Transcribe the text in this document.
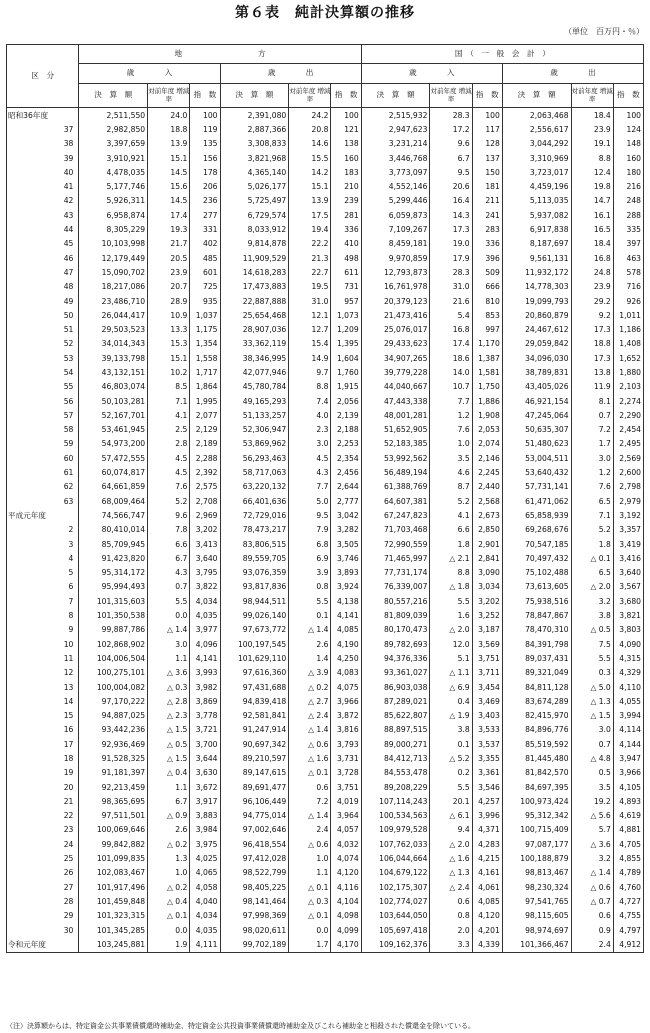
第６表　純計決算額の推移
（単位　百万円・％）
区　分	地　　　　　　　　　　方						国　（　一　般　会　計　）					
	歳　　　　入			歳　　　　出			歳　　　　入			歳　　　　出		
	決　算　額	対前年度 増減率	指　数	決　算　額	対前年度 増減率	指　数	決　算　額	対前年度 増減率	指　数	決　算　額	対前年度 増減率	指　数
昭和36年度	2,511,550	24.0	100	2,391,080	24.2	100	2,515,932	28.3	100	2,063,468	18.4	100
37	2,982,850	18.8	119	2,887,366	20.8	121	2,947,623	17.2	117	2,556,617	23.9	124
38	3,397,659	13.9	135	3,308,833	14.6	138	3,231,214	9.6	128	3,044,292	19.1	148
39	3,910,921	15.1	156	3,821,968	15.5	160	3,446,768	6.7	137	3,310,969	8.8	160
40	4,478,035	14.5	178	4,365,140	14.2	183	3,773,097	9.5	150	3,723,017	12.4	180
41	5,177,746	15.6	206	5,026,177	15.1	210	4,552,146	20.6	181	4,459,196	19.8	216
42	5,926,311	14.5	236	5,725,497	13.9	239	5,299,446	16.4	211	5,113,035	14.7	248
43	6,958,874	17.4	277	6,729,574	17.5	281	6,059,873	14.3	241	5,937,082	16.1	288
44	8,305,229	19.3	331	8,033,912	19.4	336	7,109,267	17.3	283	6,917,838	16.5	335
45	10,103,998	21.7	402	9,814,878	22.2	410	8,459,181	19.0	336	8,187,697	18.4	397
46	12,179,449	20.5	485	11,909,529	21.3	498	9,970,859	17.9	396	9,561,131	16.8	463
47	15,090,702	23.9	601	14,618,283	22.7	611	12,793,873	28.3	509	11,932,172	24.8	578
48	18,217,086	20.7	725	17,473,883	19.5	731	16,761,978	31.0	666	14,778,303	23.9	716
49	23,486,710	28.9	935	22,887,888	31.0	957	20,379,123	21.6	810	19,099,793	29.2	926
50	26,044,417	10.9	1,037	25,654,468	12.1	1,073	21,473,416	5.4	853	20,860,879	9.2	1,011
51	29,503,523	13.3	1,175	28,907,036	12.7	1,209	25,076,017	16.8	997	24,467,612	17.3	1,186
52	34,014,343	15.3	1,354	33,362,119	15.4	1,395	29,433,623	17.4	1,170	29,059,842	18.8	1,408
53	39,133,798	15.1	1,558	38,346,995	14.9	1,604	34,907,265	18.6	1,387	34,096,030	17.3	1,652
54	43,132,151	10.2	1,717	42,077,946	9.7	1,760	39,779,228	14.0	1,581	38,789,831	13.8	1,880
55	46,803,074	8.5	1,864	45,780,784	8.8	1,915	44,040,667	10.7	1,750	43,405,026	11.9	2,103
56	50,103,281	7.1	1,995	49,165,293	7.4	2,056	47,443,338	7.7	1,886	46,921,154	8.1	2,274
57	52,167,701	4.1	2,077	51,133,257	4.0	2,139	48,001,281	1.2	1,908	47,245,064	0.7	2,290
58	53,461,945	2.5	2,129	52,306,947	2.3	2,188	51,652,905	7.6	2,053	50,635,307	7.2	2,454
59	54,973,200	2.8	2,189	53,869,962	3.0	2,253	52,183,385	1.0	2,074	51,480,623	1.7	2,495
60	57,472,555	4.5	2,288	56,293,463	4.5	2,354	53,992,562	3.5	2,146	53,004,511	3.0	2,569
61	60,074,817	4.5	2,392	58,717,063	4.3	2,456	56,489,194	4.6	2,245	53,640,432	1.2	2,600
62	64,661,859	7.6	2,575	63,220,132	7.7	2,644	61,388,769	8.7	2,440	57,731,141	7.6	2,798
63	68,009,464	5.2	2,708	66,401,636	5.0	2,777	64,607,381	5.2	2,568	61,471,062	6.5	2,979
平成元年度	74,566,747	9.6	2,969	72,729,016	9.5	3,042	67,247,823	4.1	2,673	65,858,939	7.1	3,192
2	80,410,014	7.8	3,202	78,473,217	7.9	3,282	71,703,468	6.6	2,850	69,268,676	5.2	3,357
3	85,709,945	6.6	3,413	83,806,515	6.8	3,505	72,990,559	1.8	2,901	70,547,185	1.8	3,419
4	91,423,820	6.7	3,640	89,559,705	6.9	3,746	71,465,997	△ 2.1	2,841	70,497,432	△ 0.1	3,416
5	95,314,172	4.3	3,795	93,076,359	3.9	3,893	77,731,174	8.8	3,090	75,102,488	6.5	3,640
6	95,994,493	0.7	3,822	93,817,836	0.8	3,924	76,339,007	△ 1.8	3,034	73,613,605	△ 2.0	3,567
7	101,315,603	5.5	4,034	98,944,511	5.5	4,138	80,557,216	5.5	3,202	75,938,516	3.2	3,680
8	101,350,538	0.0	4,035	99,026,140	0.1	4,141	81,809,039	1.6	3,252	78,847,867	3.8	3,821
9	99,887,786	△ 1.4	3,977	97,673,772	△ 1.4	4,085	80,170,473	△ 2.0	3,187	78,470,310	△ 0.5	3,803
10	102,868,902	3.0	4,096	100,197,545	2.6	4,190	89,782,693	12.0	3,569	84,391,798	7.5	4,090
11	104,006,504	1.1	4,141	101,629,110	1.4	4,250	94,376,336	5.1	3,751	89,037,431	5.5	4,315
12	100,275,101	△ 3.6	3,993	97,616,360	△ 3.9	4,083	93,361,027	△ 1.1	3,711	89,321,049	0.3	4,329
13	100,004,082	△ 0.3	3,982	97,431,688	△ 0.2	4,075	86,903,038	△ 6.9	3,454	84,811,128	△ 5.0	4,110
14	97,170,222	△ 2.8	3,869	94,839,418	△ 2.7	3,966	87,289,021	0.4	3,469	83,674,289	△ 1.3	4,055
15	94,887,025	△ 2.3	3,778	92,581,841	△ 2.4	3,872	85,622,807	△ 1.9	3,403	82,415,970	△ 1.5	3,994
16	93,442,236	△ 1.5	3,721	91,247,914	△ 1.4	3,816	88,897,515	3.8	3,533	84,896,776	3.0	4,114
17	92,936,469	△ 0.5	3,700	90,697,342	△ 0.6	3,793	89,000,271	0.1	3,537	85,519,592	0.7	4,144
18	91,528,325	△ 1.5	3,644	89,210,597	△ 1.6	3,731	84,412,713	△ 5.2	3,355	81,445,480	△ 4.8	3,947
19	91,181,397	△ 0.4	3,630	89,147,615	△ 0.1	3,728	84,553,478	0.2	3,361	81,842,570	0.5	3,966
20	92,213,459	1.1	3,672	89,691,477	0.6	3,751	89,208,229	5.5	3,546	84,697,395	3.5	4,105
21	98,365,695	6.7	3,917	96,106,449	7.2	4,019	107,114,243	20.1	4,257	100,973,424	19.2	4,893
22	97,511,501	△ 0.9	3,883	94,775,014	△ 1.4	3,964	100,534,563	△ 6.1	3,996	95,312,342	△ 5.6	4,619
23	100,069,646	2.6	3,984	97,002,646	2.4	4,057	109,979,528	9.4	4,371	100,715,409	5.7	4,881
24	99,842,882	△ 0.2	3,975	96,418,554	△ 0.6	4,032	107,762,033	△ 2.0	4,283	97,087,177	△ 3.6	4,705
25	101,099,835	1.3	4,025	97,412,028	1.0	4,074	106,044,664	△ 1.6	4,215	100,188,879	3.2	4,855
26	102,083,467	1.0	4,065	98,522,799	1.1	4,120	104,679,122	△ 1.3	4,161	98,813,467	△ 1.4	4,789
27	101,917,496	△ 0.2	4,058	98,405,225	△ 0.1	4,116	102,175,307	△ 2.4	4,061	98,230,324	△ 0.6	4,760
28	101,459,848	△ 0.4	4,040	98,141,464	△ 0.3	4,104	102,774,027	0.6	4,085	97,541,765	△ 0.7	4,727
29	101,323,315	△ 0.1	4,034	97,998,369	△ 0.1	4,098	103,644,050	0.8	4,120	98,115,605	0.6	4,755
30	101,345,285	0.0	4,035	98,020,611	0.0	4,099	105,697,418	2.0	4,201	98,974,697	0.9	4,797
令和元年度	103,245,881	1.9	4,111	99,702,189	1.7	4,170	109,162,376	3.3	4,339	101,366,467	2.4	4,912
（注）決算額からは、特定資金公共事業債償還時補助金、特定資金公共投資事業債償還時補助金及びこれら補助金と相殺された償還金を除いている。
